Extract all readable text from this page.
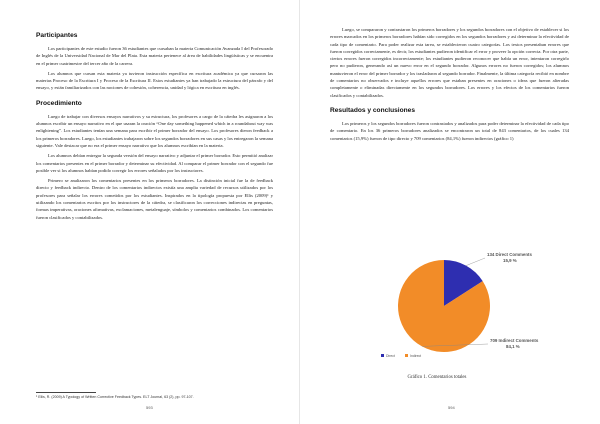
Participantes

Los participantes de este estudio fueron 36 estudiantes que cursaban la materia Comunicación Avanzada I del Profesorado de Inglés de la Universidad Nacional de Mar del Plata. Esta materia pertenece al área de habilidades lingüísticas y se encuentra en el primer cuatrimestre del tercer año de la carrera.

Los alumnos que cursan esta materia ya tuvieron instrucción específica en escritura académica ya que cursaron las materias Proceso de la Escritura I y Proceso de la Escritura II. Estos estudiantes ya han trabajado la estructura del párrafo y del ensayo, y están familiarizados con las nociones de cohesión, coherencia, unidad y lógica en escritura en inglés.

Procedimiento

Luego de trabajar con diversos ensayos narrativos y su estructura, los profesores a cargo de la cátedra les asignaron a los alumnos escribir un ensayo narrativo en el que usaran la oración “One day something happened which in a roundabout way was enlightening”. Los estudiantes tenían una semana para escribir el primer borrador del ensayo. Los profesores dieron feedback a los primeros borradores. Luego, los estudiantes trabajaron sobre los segundos borradores en sus casas y los entregaron la semana siguiente. Vale destacar que no era el primer ensayo narrativo que los alumnos escribían en la materia.

Los alumnos debían entregar la segunda versión del ensayo narrativo y adjuntar el primer borrador. Esto permitió analizar los comentarios presentes en el primer borrador y determinar su efectividad. Al comparar el primer borrador con el segundo fue posible ver si los alumnos habían podido corregir los errores señalados por los instructores.

Primero se analizaron los comentarios presentes en los primeros borradores. La distinción inicial fue la de feedback directo y feedback indirecto. Dentro de los comentarios indirectos existía una amplia variedad de recursos utilizados por los profesores para señalar los errores cometidos por los estudiantes. Inspirados en la tipología propuesta por Ellis (2009)¹ y utilizando los comentarios escritos por los instructores de la cátedra, se clasificaron los correcciones indirectas en preguntas, formas imperativas, oraciones afirmativas, exclamaciones, metalenguaje, símbolos y comentarios combinados. Los comentarios fueron clasificados y contabilizados.

¹ Ellis, R. (2009) A Typology of Written Corrective Feedback Types. ELT Journal, 63 (2), pp. 97-107.
593

Luego, se compararon y contrastaron los primeros borradores y los segundos borradores con el objetivo de establecer si los errores marcados en los primeros borradores habían sido corregidos en los segundos borradores y así determinar la efectividad de cada tipo de comentario. Para poder realizar esta tarea, se establecieron cuatro categorías. Los textos presentaban errores que fueron corregidos correctamente, es decir, los estudiantes pudieron identificar el error y proveer la opción correcta. Por otra parte, ciertos errores fueron corregidos incorrectamente; los estudiantes pudieron reconocer que había un error, intentaron corregirlo pero no pudieron, generando así un nuevo error en el segundo borrador. Algunos errores no fueron corregidos; los alumnos mantuvieron el error del primer borrador y los trasladaron al segundo borrador. Finalmente, la última categoría recibió en nombre de comentarios no observados e incluye aquellos errores que estaban presentes en oraciones o ideas que fueron alteradas completamente o eliminadas directamente en los segundos borradores. Los errores y los efectos de los comentarios fueron clasificados y contabilizados.

Resultados y conclusiones

Los primeros y los segundos borradores fueron contrastados y analizados para poder determinar la efectividad de cada tipo de comentario. En los 36 primeros borradores analizados se encontraron un total de 843 comentarios, de los cuales 134 comentarios (15,9%) fueron de tipo directo y 709 comentarios (84,1%) fueron indirectos (gráfico 1)

134 Direct Comments
15,9 %
709 Indirect Comments
84,1 %
Direct	Indirect
Gráfico 1. Comentarios totales
594
